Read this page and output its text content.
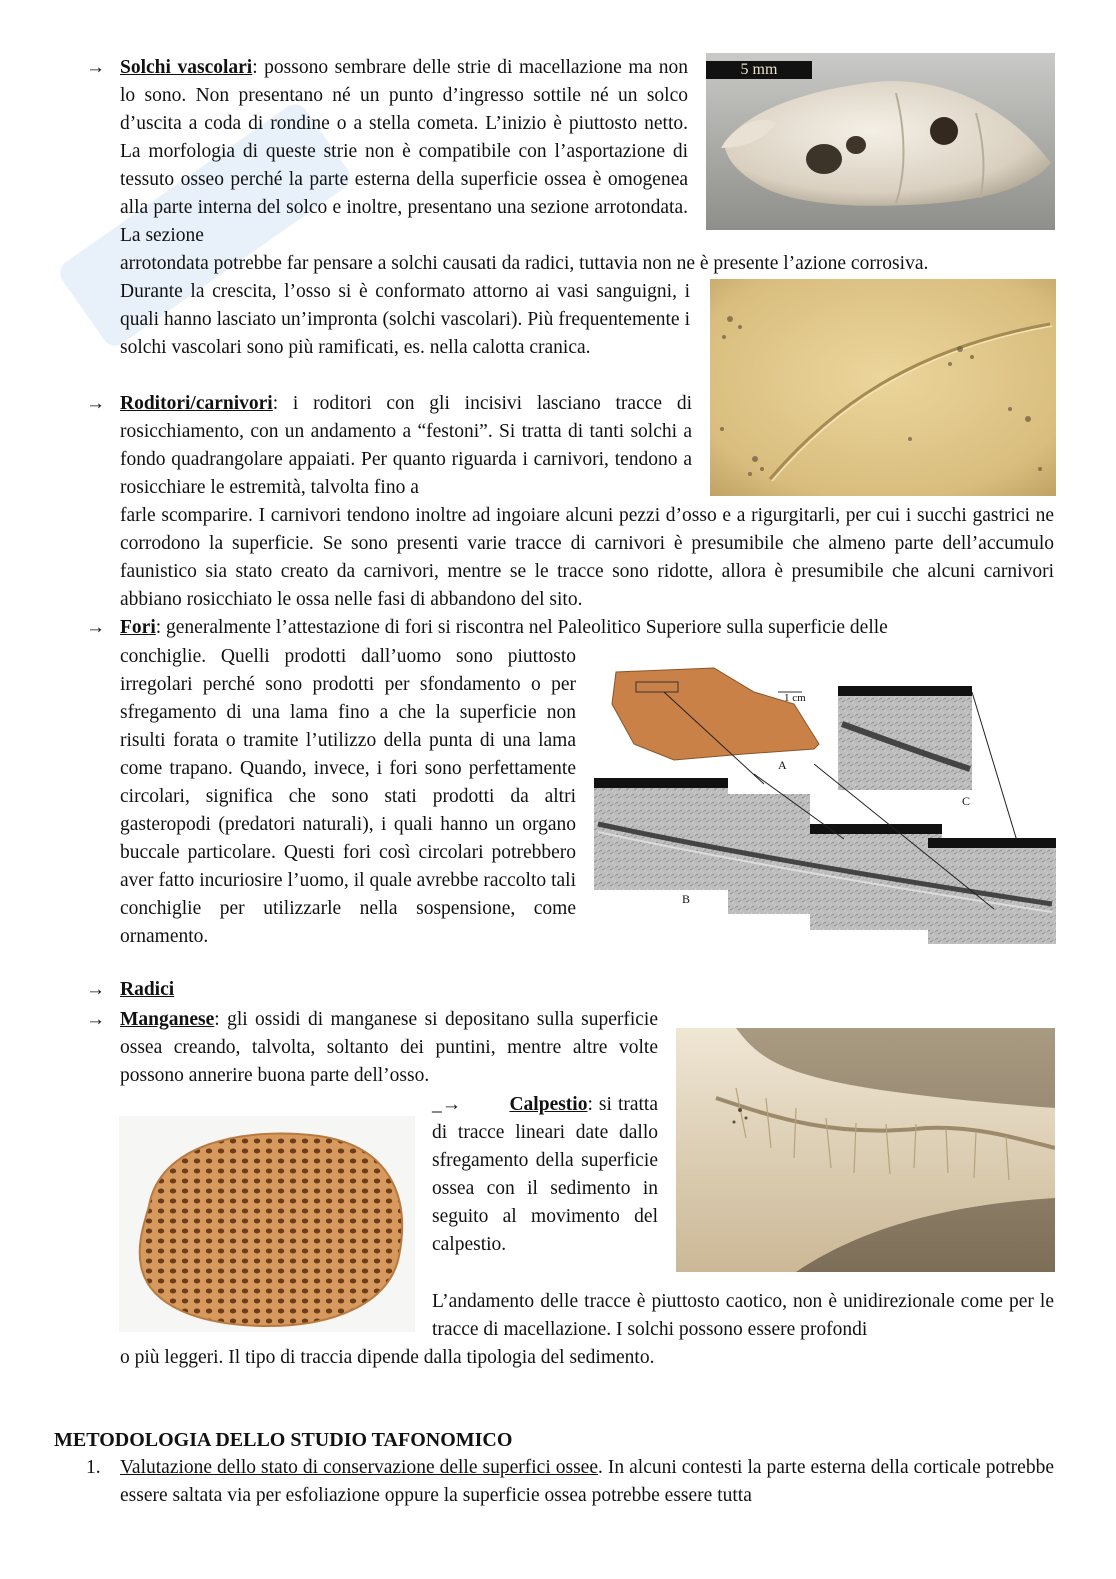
→ Solchi vascolari: possono sembrare delle strie di macellazione ma non lo sono. Non presentano né un punto d’ingresso sottile né un solco d’uscita a coda di rondine o a stella cometa. L’inizio è piuttosto netto. La morfologia di queste strie non è compatibile con l’asportazione di tessuto osseo perché la parte esterna della superficie ossea è omogenea alla parte interna del solco e inoltre, presentano una sezione arrotondata. La sezione
arrotondata potrebbe far pensare a solchi causati da radici, tuttavia non ne è presente l’azione corrosiva.
Durante la crescita, l’osso si è conformato attorno ai vasi sanguigni, i quali hanno lasciato un’impronta (solchi vascolari). Più frequentemente i solchi vascolari sono più ramificati, es. nella calotta cranica.
5 mm
→ Roditori/carnivori: i roditori con gli incisivi lasciano tracce di rosicchiamento, con un andamento a “festoni”. Si tratta di tanti solchi a fondo quadrangolare appaiati. Per quanto riguarda i carnivori, tendono a rosicchiare le estremità, talvolta fino a
farle scomparire. I carnivori tendono inoltre ad ingoiare alcuni pezzi d’osso e a rigurgitarli, per cui i succhi gastrici ne corrodono la superficie. Se sono presenti varie tracce di carnivori è presumibile che almeno parte dell’accumulo faunistico sia stato creato da carnivori, mentre se le tracce sono ridotte, allora è presumibile che alcuni carnivori abbiano rosicchiato le ossa nelle fasi di abbandono del sito.
→ Fori: generalmente l’attestazione di fori si riscontra nel Paleolitico Superiore sulla superficie delle
conchiglie. Quelli prodotti dall’uomo sono piuttosto irregolari perché sono prodotti per sfondamento o per sfregamento di una lama fino a che la superficie non risulti forata o tramite l’utilizzo della punta di una lama come trapano. Quando, invece, i fori sono perfettamente circolari, significa che sono stati prodotti da altri gasteropodi (predatori naturali), i quali hanno un organo buccale particolare. Questi fori così circolari potrebbero aver fatto incuriosire l’uomo, il quale avrebbe raccolto tali conchiglie per utilizzarle nella sospensione, come ornamento.
1 cm
A
B
C
→ Radici
→ Manganese: gli ossidi di manganese si depositano sulla superficie ossea creando, talvolta, soltanto dei puntini, mentre altre volte possono annerire buona parte dell’osso.
_→ Calpestio: si tratta di tracce lineari date dallo sfregamento della superficie ossea con il sedimento in seguito al movimento del calpestio.
L’andamento delle tracce è piuttosto caotico, non è unidirezionale come per le tracce di macellazione. I solchi possono essere profondi
o più leggeri. Il tipo di traccia dipende dalla tipologia del sedimento.
METODOLOGIA DELLO STUDIO TAFONOMICO
1. Valutazione dello stato di conservazione delle superfici ossee. In alcuni contesti la parte esterna della corticale potrebbe essere saltata via per esfoliazione oppure la superficie ossea potrebbe essere tutta
